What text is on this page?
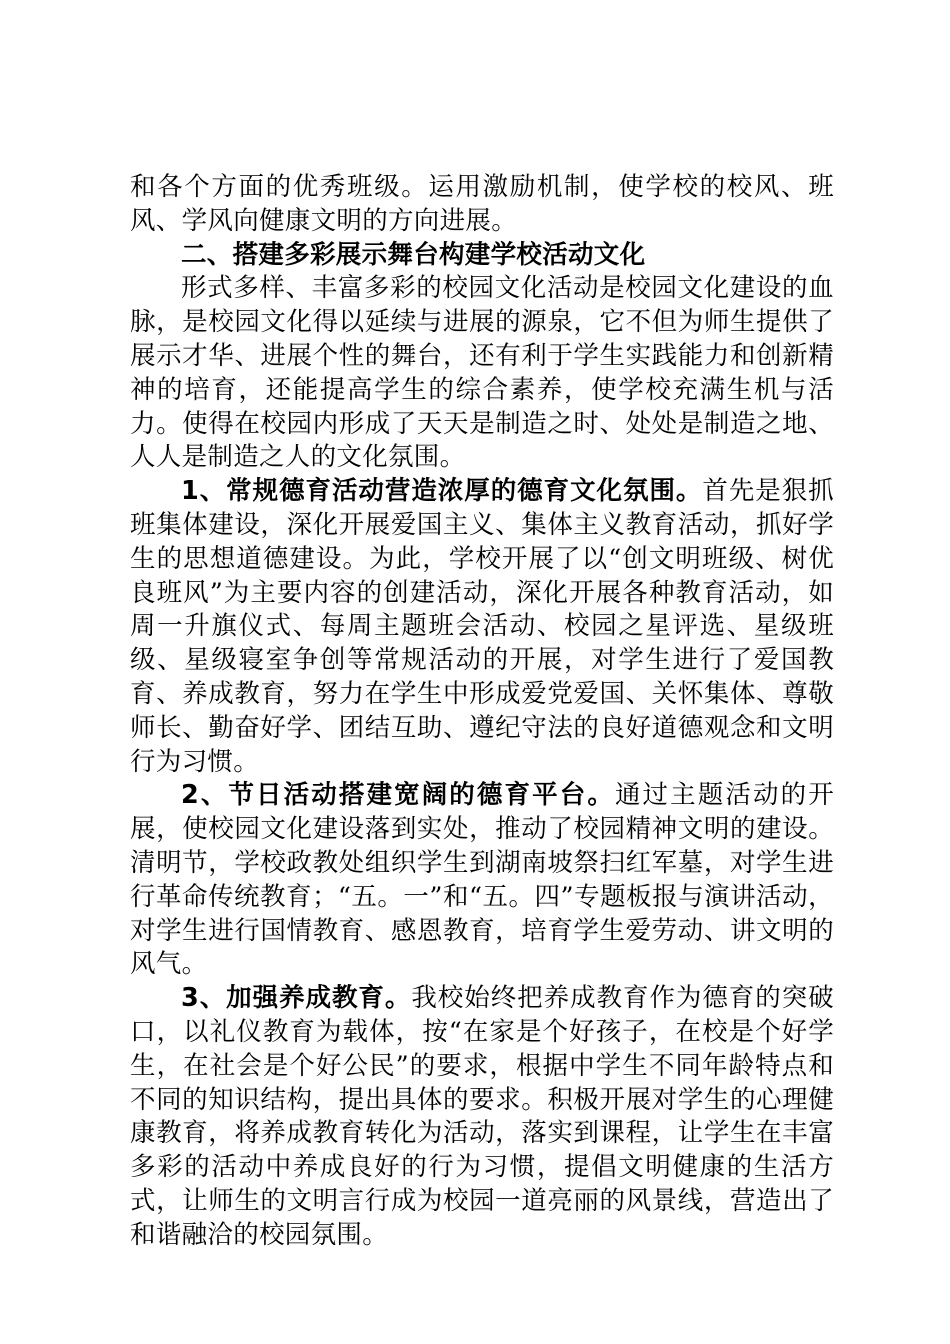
和各个方面的优秀班级。运用激励机制，使学校的校风、班风、学风向健康文明的方向进展。

二、搭建多彩展示舞台构建学校活动文化

形式多样、丰富多彩的校园文化活动是校园文化建设的血脉，是校园文化得以延续与进展的源泉，它不但为师生提供了展示才华、进展个性的舞台，还有利于学生实践能力和创新精神的培育，还能提高学生的综合素养，使学校充满生机与活力。使得在校园内形成了天天是制造之时、处处是制造之地、人人是制造之人的文化氛围。

1、常规德育活动营造浓厚的德育文化氛围。首先是狠抓班集体建设，深化开展爱国主义、集体主义教育活动，抓好学生的思想道德建设。为此，学校开展了以“创文明班级、树优良班风”为主要内容的创建活动，深化开展各种教育活动，如周一升旗仪式、每周主题班会活动、校园之星评选、星级班级、星级寝室争创等常规活动的开展，对学生进行了爱国教育、养成教育，努力在学生中形成爱党爱国、关怀集体、尊敬师长、勤奋好学、团结互助、遵纪守法的良好道德观念和文明行为习惯。

2、节日活动搭建宽阔的德育平台。通过主题活动的开展，使校园文化建设落到实处，推动了校园精神文明的建设。清明节，学校政教处组织学生到湖南坡祭扫红军墓，对学生进行革命传统教育；“五。一”和“五。四”专题板报与演讲活动，对学生进行国情教育、感恩教育，培育学生爱劳动、讲文明的风气。

3、加强养成教育。我校始终把养成教育作为德育的突破口，以礼仪教育为载体，按“在家是个好孩子，在校是个好学生，在社会是个好公民”的要求，根据中学生不同年龄特点和不同的知识结构，提出具体的要求。积极开展对学生的心理健康教育，将养成教育转化为活动，落实到课程，让学生在丰富多彩的活动中养成良好的行为习惯，提倡文明健康的生活方式，让师生的文明言行成为校园一道亮丽的风景线，营造出了和谐融洽的校园氛围。
